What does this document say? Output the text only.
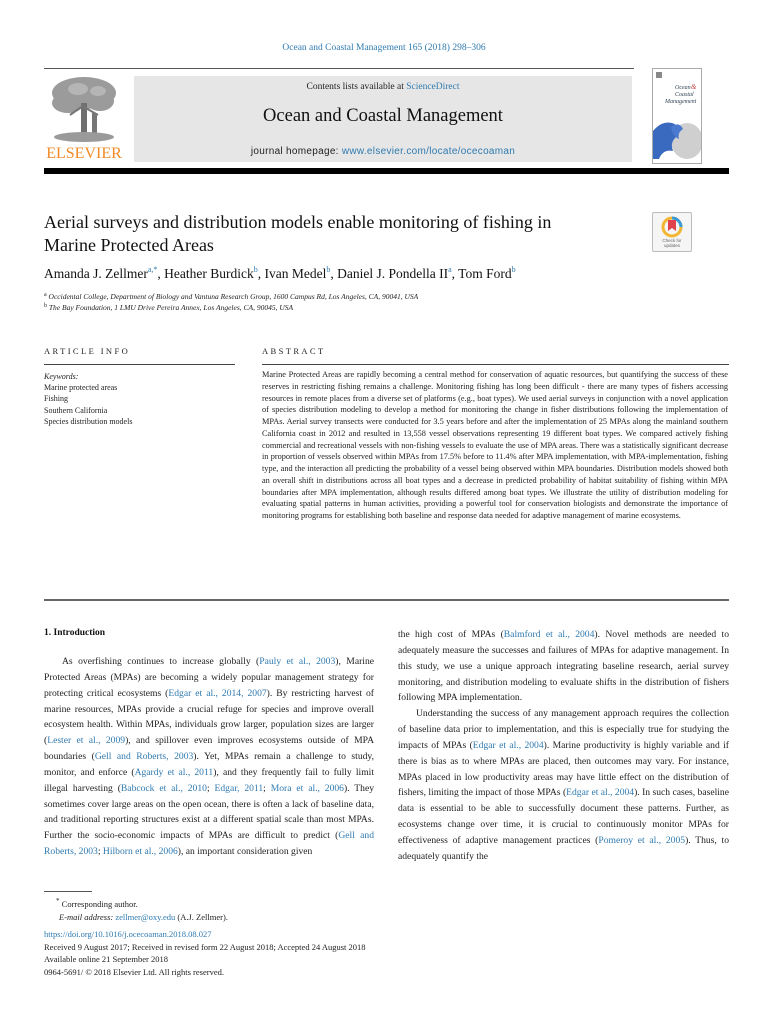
Ocean and Coastal Management 165 (2018) 298–306
ELSEVIER
Contents lists available at ScienceDirect
Ocean and Coastal Management
journal homepage: www.elsevier.com/locate/ocecoaman
Ocean &
Coastal
Management
Aerial surveys and distribution models enable monitoring of fishing in
Marine Protected Areas	Check for
updates
Amanda J. Zellmer$^{a,*}$, Heather Burdick$^b$, Ivan Medel$^b$, Daniel J. Pondella $II^a$, Tom Ford$^b$
$^a$ Occidental College, Department of Biology and Vantuna Research Group, 1600 Campus Rd, Los Angeles, CA, 90041, USA
$^b$ The Bay Foundation, 1 LMU Drive Pereira Annex, Los Angeles, CA, 90045, USA
ARTICLE INFO
Keywords:
Marine protected areas
Fishing
Southern California
Species distribution models
ABSTRACT
Marine Protected Areas are rapidly becoming a central method for conservation of aquatic resources, but quantifying the success of these reserves in restricting fishing remains a challenge. Monitoring fishing has long been difficult - there are many types of fishers accessing resources in remote places from a diverse set of platforms (e.g., boat types). We used aerial surveys in conjunction with a novel application of species distribution modeling to develop a method for monitoring the change in fisher distributions following the implementation of MPAs. Aerial survey transects were conducted for 3.5 years before and after the implementation of 25 MPAs along the mainland southern California coast in 2012 and resulted in 13,558 vessel observations representing 19 different boat types. We compared actively fishing commercial and recreational vessels with non-fishing vessels to evaluate the use of MPA areas. There was a statistically significant decrease in proportion of vessels observed within MPAs from 17.5% before to 11.4% after MPA implementation, with MPA-implementation, fishing type, and the interaction all predicting the probability of a vessel being observed within MPA boundaries. Distribution models showed both an overall shift in distributions across all boat types and a decrease in predicted probability of habitat suitability of fishing within MPA boundaries after MPA implementation, although results differed among boat types. We illustrate the utility of distribution modeling for evaluating spatial patterns in human activities, providing a powerful tool for conservation biologists and demonstrate the importance of monitoring programs for establishing both baseline and response data needed for adaptive management of marine ecosystems.
1. Introduction

As overfishing continues to increase globally (Pauly et al., 2003), Marine Protected Areas (MPAs) are becoming a widely popular management strategy for protecting critical ecosystems (Edgar et al., 2014, 2007). By restricting harvest of marine resources, MPAs provide a crucial refuge for species and improve overall ecosystem health. Within MPAs, individuals grow larger, population sizes are larger (Lester et al., 2009), and spillover even improves ecosystems outside of MPA boundaries (Gell and Roberts, 2003). Yet, MPAs remain a challenge to study, monitor, and enforce (Agardy et al., 2011), and they frequently fail to fully limit illegal harvesting (Babcock et al., 2010; Edgar, 2011; Mora et al., 2006). They sometimes cover large areas on the open ocean, there is often a lack of baseline data, and traditional reporting structures exist at a different spatial scale than most MPAs. Further the socio-economic impacts of MPAs are difficult to predict (Gell and Roberts, 2003; Hilborn et al., 2006), an important consideration given

the high cost of MPAs (Balmford et al., 2004). Novel methods are needed to adequately measure the successes and failures of MPAs for adaptive management. In this study, we use a unique approach integrating baseline research, aerial survey monitoring, and distribution modeling to evaluate shifts in the distribution of fishers following MPA implementation.

Understanding the success of any management approach requires the collection of baseline data prior to implementation, and this is especially true for studying the impacts of MPAs (Edgar et al., 2004). Marine productivity is highly variable and if there is bias as to where MPAs are placed, then outcomes may vary. For instance, MPAs placed in low productivity areas may have little effect on the distribution of fishers, limiting the impact of those MPAs (Edgar et al., 2004). In such cases, baseline data is essential to be able to successfully document these patterns. Further, as ecosystems change over time, it is crucial to continuously monitor MPAs for effectiveness of adaptive management practices (Pomeroy et al., 2005). Thus, to adequately quantify the

* Corresponding author.
E-mail address: zellmer@oxy.edu (A.J. Zellmer).
https://doi.org/10.1016/j.ocecoaman.2018.08.027
Received 9 August 2017; Received in revised form 22 August 2018; Accepted 24 August 2018
Available online 21 September 2018
0964-5691/ © 2018 Elsevier Ltd. All rights reserved.
